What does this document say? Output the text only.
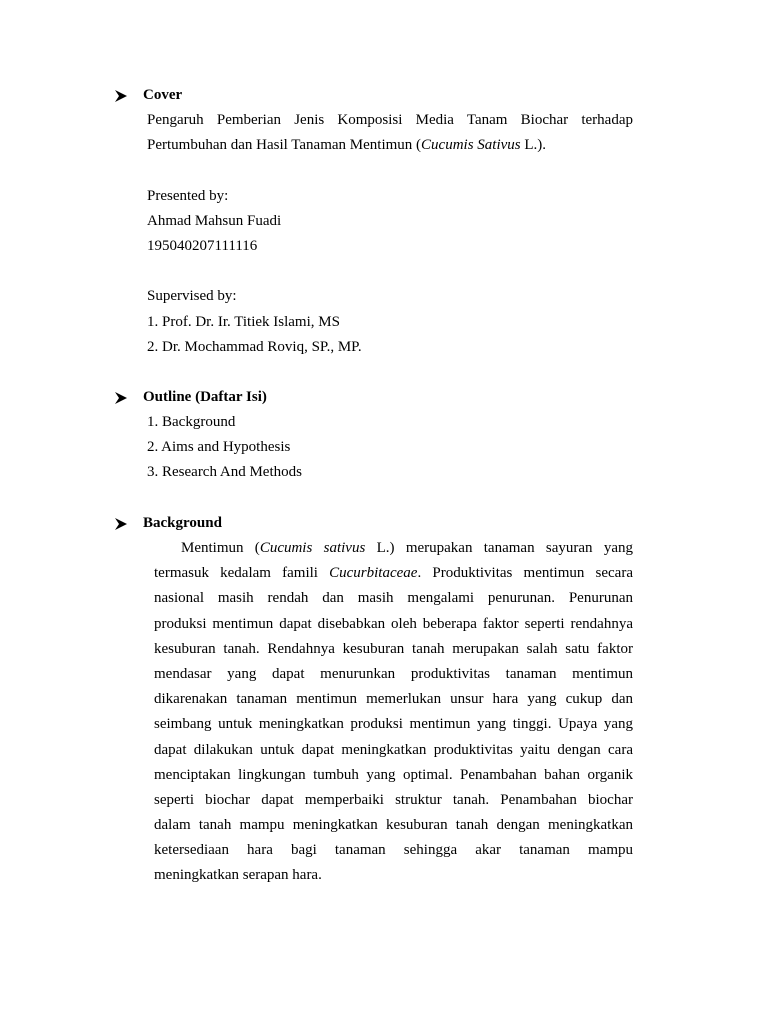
Cover
Pengaruh Pemberian Jenis Komposisi Media Tanam Biochar terhadap
Pertumbuhan dan Hasil Tanaman Mentimun (Cucumis Sativus L.).
Presented by:
Ahmad Mahsun Fuadi
195040207111116
Supervised by:
1. Prof. Dr. Ir. Titiek Islami, MS
2. Dr. Mochammad Roviq, SP., MP.
Outline (Daftar Isi)
1. Background
2. Aims and Hypothesis
3. Research And Methods
Background
Mentimun (Cucumis sativus L.) merupakan tanaman sayuran yang
termasuk kedalam famili Cucurbitaceae. Produktivitas mentimun secara
nasional masih rendah dan masih mengalami penurunan. Penurunan
produksi mentimun dapat disebabkan oleh beberapa faktor seperti rendahnya
kesuburan tanah. Rendahnya kesuburan tanah merupakan salah satu faktor
mendasar yang dapat menurunkan produktivitas tanaman mentimun
dikarenakan tanaman mentimun memerlukan unsur hara yang cukup dan
seimbang untuk meningkatkan produksi mentimun yang tinggi. Upaya yang
dapat dilakukan untuk dapat meningkatkan produktivitas yaitu dengan cara
menciptakan lingkungan tumbuh yang optimal. Penambahan bahan organik
seperti biochar dapat memperbaiki struktur tanah. Penambahan biochar
dalam tanah mampu meningkatkan kesuburan tanah dengan meningkatkan
ketersediaan hara bagi tanaman sehingga akar tanaman mampu
meningkatkan serapan hara.
